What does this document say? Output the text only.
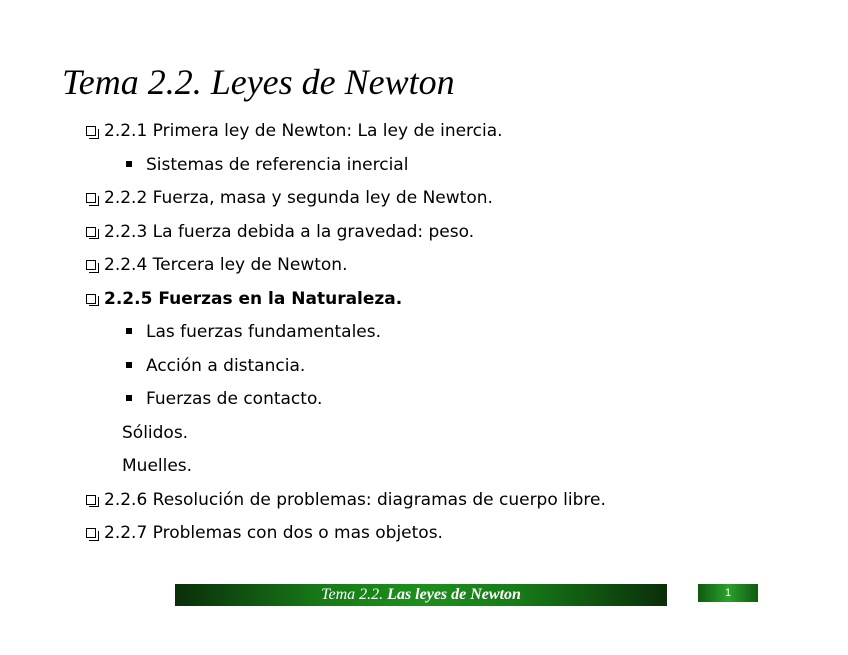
Tema 2.2. Leyes de Newton
2.2.1 Primera ley de Newton: La ley de inercia.
Sistemas de referencia inercial
2.2.2 Fuerza, masa y segunda ley de Newton.
2.2.3 La fuerza debida a la gravedad: peso.
2.2.4 Tercera ley de Newton.
2.2.5 Fuerzas en la Naturaleza.
Las fuerzas fundamentales.
Acción a distancia.
Fuerzas de contacto.
Sólidos.
Muelles.
2.2.6 Resolución de problemas: diagramas de cuerpo libre.
2.2.7 Problemas con dos o mas objetos.
Tema 2.2. Las leyes de Newton	1
